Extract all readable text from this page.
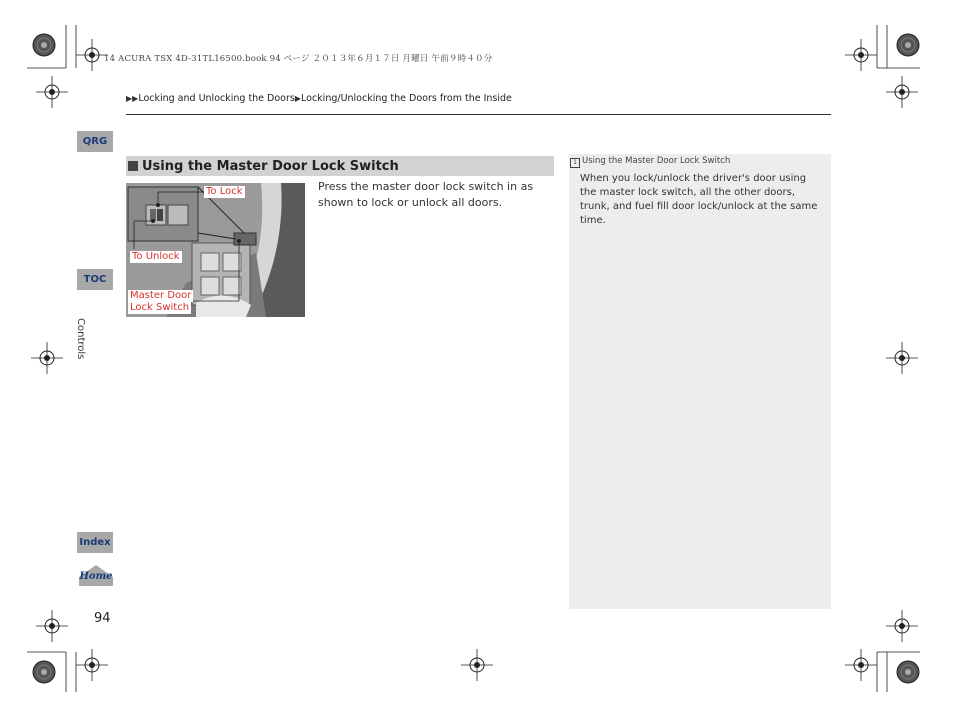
14 ACURA TSX 4D-31TL16500.book 94 ページ ２０１３年６月１７日 月曜日 午前９時４０分
▶▶Locking and Unlocking the Doors▶Locking/Unlocking the Doors from the Inside
QRG
TOC
Controls
Index
Home
94
Using the Master Door Lock Switch
Press the master door lock switch in as shown to lock or unlock all doors.
To Lock
To Unlock
Master Door
Lock Switch
1 Using the Master Door Lock Switch
When you lock/unlock the driver's door using the master lock switch, all the other doors, trunk, and fuel fill door lock/unlock at the same time.
